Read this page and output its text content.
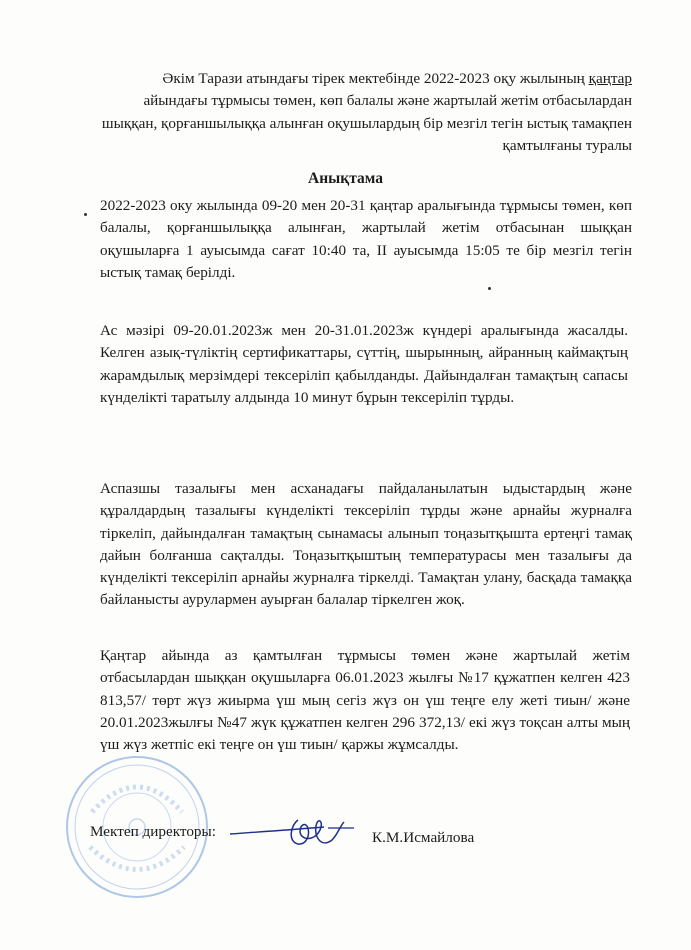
Әкім Тарази атындағы тірек мектебінде 2022-2023 оқу жылының қаңтар айындағы тұрмысы төмен, көп балалы және жартылай жетім отбасылардан шыққан, қорғаншылыққа алынған оқушылардың бір мезгіл тегін ыстық тамақпен қамтылғаны туралы
Анықтама
2022-2023 оку жылында 09-20 мен 20-31 қаңтар аралығында тұрмысы төмен, көп балалы, қорғаншылыққа алынған, жартылай жетім отбасынан шыққан оқушыларға 1 ауысымда сағат 10:40 та, ІІ ауысымда 15:05 те бір мезгіл тегін ыстық тамақ берілді.
Ас мәзірі 09-20.01.2023ж мен 20-31.01.2023ж күндері аралығында жасалды. Келген азық-түліктің сертификаттары, сүттің, шырынның, айранның каймақтың жарамдылық мерзімдері тексеріліп қабылданды. Дайындалған тамақтың сапасы күнделікті таратылу алдында 10 минут бұрын тексеріліп тұрды.
Аспазшы тазалығы мен асханадағы пайдаланылатын ыдыстардың және құралдардың тазалығы күнделікті тексеріліп тұрды және арнайы журналға тіркеліп, дайындалған тамақтың сынамасы алынып тоңазытқышта ертеңгі тамақ дайын болғанша сақталды. Тоңазытқыштың температурасы мен тазалығы да күнделікті тексеріліп арнайы журналға тіркелді. Тамақтан улану, басқада тамаққа байланысты аурулармен ауырған балалар тіркелген жоқ.
Қаңтар айында аз қамтылған тұрмысы төмен және жартылай жетім отбасылардан шыққан оқушыларға 06.01.2023 жылғы №17 құжатпен келген 423 813,57/ төрт жүз жиырма үш мың сегіз жүз он үш теңге елу жеті тиын/ және 20.01.2023жылғы №47 жүк құжатпен келген 296 372,13/ екі жүз тоқсан алты мың үш жүз жетпіс екі теңге он үш тиын/ қаржы жұмсалды.
Мектеп директоры:	К.М.Исмайлова
